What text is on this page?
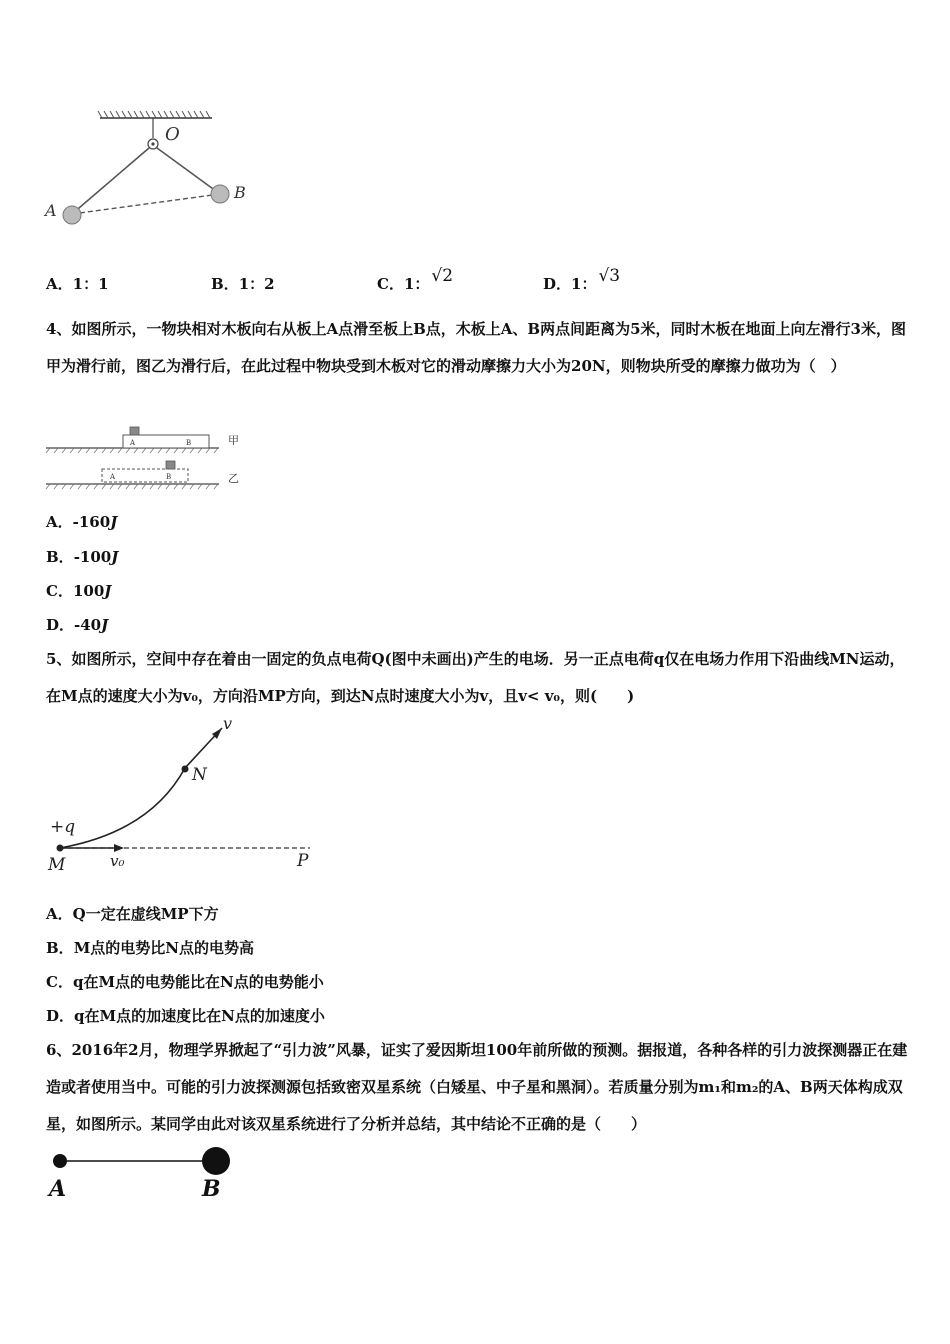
O
A
B
A．1：1	B．1：2	C．1： √2	D．1： √3
4、如图所示，一物块相对木板向右从板上A点滑至板上B点，木板上A、B两点间距离为5米，同时木板在地面上向左滑行3米，图甲为滑行前，图乙为滑行后，在此过程中物块受到木板对它的滑动摩擦力大小为20N，则物块所受的摩擦力做功为（　）
A	B	甲
A	B	乙
A．-160J
B．-100J
C．100J
D．-40J
5、如图所示，空间中存在着由一固定的负点电荷Q(图中未画出)产生的电场．另一正点电荷q仅在电场力作用下沿曲线MN运动，在M点的速度大小为v₀，方向沿MP方向，到达N点时速度大小为v，且v< v₀，则(　　)
v
N
+q
M	v₀	P
A．Q一定在虚线MP下方
B．M点的电势比N点的电势高
C．q在M点的电势能比在N点的电势能小
D．q在M点的加速度比在N点的加速度小
6、2016年2月，物理学界掀起了“引力波”风暴，证实了爱因斯坦100年前所做的预测。据报道，各种各样的引力波探测器正在建造或者使用当中。可能的引力波探测源包括致密双星系统（白矮星、中子星和黑洞）。若质量分别为m₁和m₂的A、B两天体构成双星，如图所示。某同学由此对该双星系统进行了分析并总结，其中结论不正确的是（　　）
A	B
